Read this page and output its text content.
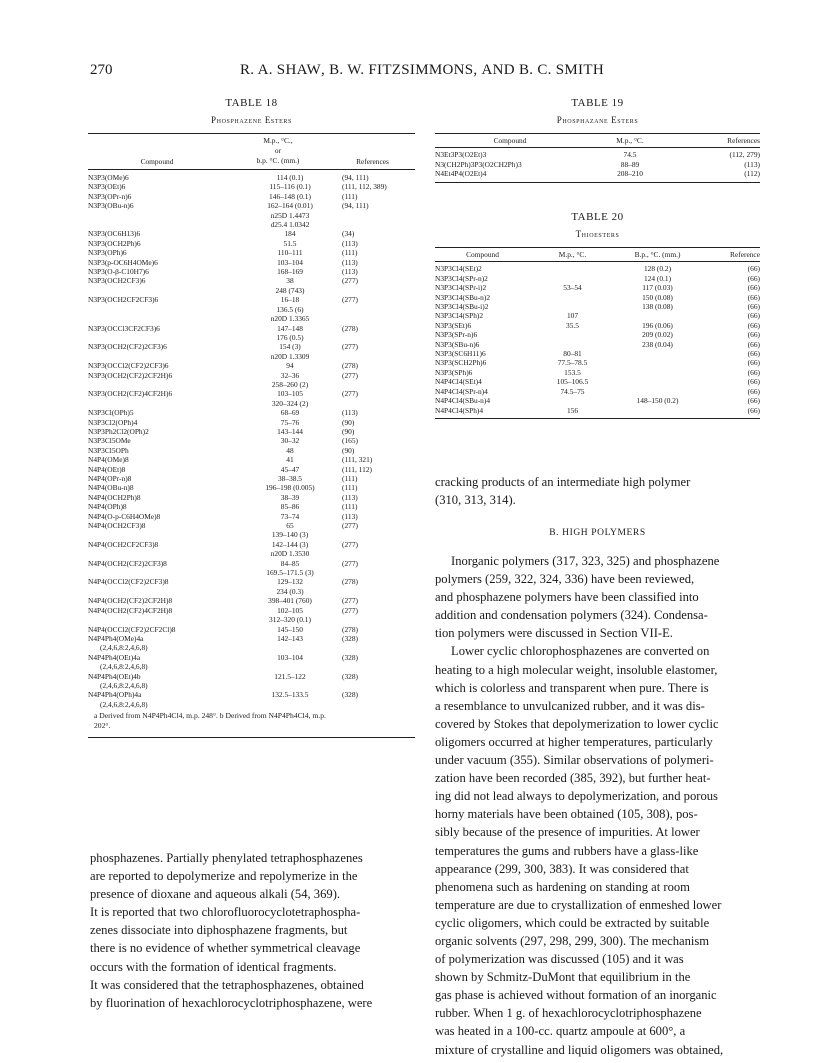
270	R. A. SHAW, B. W. FITZSIMMONS, AND B. C. SMITH
TABLE 18
Phosphazene Esters
Compound	
M.p., °C.,
or
b.p. °C. (mm.)	References
N3P3(OMe)6	114 (0.1)	(94, 111)
N3P3(OEt)6	115–116 (0.1)	(111, 112, 389)
N3P3(OPr-n)6	146–148 (0.1)	(111)
N3P3(OBu-n)6	162–164 (0.01)	(94, 111)
	n25D 1.4473	
	d25.4 1.0342	
N3P3(OC6H13)6	184	(34)
N3P3(OCH2Ph)6	51.5	(113)
N3P3(OPh)6	110–111	(111)
N3P3(p-OC6H4OMe)6	103–104	(113)
N3P3(O-β-C10H7)6	168–169	(113)
N3P3(OCH2CF3)6	38	(277)
	248 (743)	
N3P3(OCH2CF2CF3)6	16–18	(277)
	136.5 (6)	
	n20D 1.3365	
N3P3(OCCl3CF2CF3)6	147–148	(278)
	176 (0.5)	
N3P3(OCH2(CF2)2CF3)6	154 (3)	(277)
	n20D 1.3309	
N3P3(OCCl2(CF2)2CF3)6	94	(278)
N3P3(OCH2(CF2)2CF2H)6	32–36	(277)
	258–260 (2)	
N3P3(OCH2(CF2)4CF2H)6	103–105	(277)
	320–324 (2)	
N3P3Cl(OPh)5	68–69	(113)
N3P3Cl2(OPh)4	75–76	(90)
N3P3Ph2Cl2(OPh)2	143–144	(90)
N3P3Cl5OMe	30–32	(165)
N3P3Cl5OPh	48	(90)
N4P4(OMe)8	41	(111, 321)
N4P4(OEt)8	45–47	(111, 112)
N4P4(OPr-n)8	38–38.5	(111)
N4P4(OBu-n)8	196–198 (0.005)	(111)
N4P4(OCH2Ph)8	38–39	(113)
N4P4(OPh)8	85–86	(111)
N4P4(O-p-C6H4OMe)8	73–74	(113)
N4P4(OCH2CF3)8	65	(277)
	139–140 (3)	
N4P4(OCH2CF2CF3)8	142–144 (3)	(277)
	n20D 1.3530	
N4P4(OCH2(CF2)2CF3)8	84–85	(277)
	169.5–171.5 (3)	
N4P4(OCCl2(CF2)2CF3)8	129–132	(278)
	234 (0.3)	
N4P4(OCH2(CF2)2CF2H)8	398–401 (760)	(277)
N4P4(OCH2(CF2)4CF2H)8	102–105	(277)
	312–320 (0.1)	
N4P4(OCCl2(CF2)2CF2Cl)8	145–150	(278)
N4P4Ph4(OMe)4a	142–143	(328)
(2,4,6,8:2,4,6,8)		
N4P4Ph4(OEt)4a	103–104	(328)
(2,4,6,8:2,4,6,8)		
N4P4Ph4(OEt)4b	121.5–122	(328)
(2,4,6,8:2,4,6,8)		
N4P4Ph4(OPh)4a	132.5–133.5	(328)
(2,4,6,8:2,4,6,8)		
a Derived from N4P4Ph4Cl4, m.p. 248°. b Derived from N4P4Ph4Cl4, m.p.
202°.
TABLE 19
Phosphazane Esters
Compound	M.p., °C.	References
N3Et3P3(O2Et)3	74.5	(112, 279)
N3(CH2Ph)3P3(O2CH2Ph)3	88–89	(113)
N4Et4P4(O2Et)4	208–210	(112)
TABLE 20
Thioesters
Compound	M.p., °C.	B.p., °C. (mm.)	Reference
N3P3Cl4(SEt)2		128 (0.2)	(66)
N3P3Cl4(SPr-n)2		124 (0.1)	(66)
N3P3Cl4(SPr-i)2	53–54	117 (0.03)	(66)
N3P3Cl4(SBu-n)2		150 (0.08)	(66)
N3P3Cl4(SBu-i)2		138 (0.08)	(66)
N3P3Cl4(SPh)2	107		(66)
N3P3(SEt)6	35.5	196 (0.06)	(66)
N3P3(SPr-n)6		209 (0.02)	(66)
N3P3(SBu-n)6		238 (0.04)	(66)
N3P3(SC6H11)6	80–81		(66)
N3P3(SCH2Ph)6	77.5–78.5		(66)
N3P3(SPh)6	153.5		(66)
N4P4Cl4(SEt)4	105–106.5		(66)
N4P4Cl4(SPr-n)4	74.5–75		(66)
N4P4Cl4(SBu-n)4		148–150 (0.2)	(66)
N4P4Cl4(SPh)4	156		(66)
phosphazenes. Partially phenylated tetraphosphazenes
are reported to depolymerize and repolymerize in the
presence of dioxane and aqueous alkali (54, 369).
It is reported that two chlorofluorocyclotetraphospha-
zenes dissociate into diphosphazene fragments, but
there is no evidence of whether symmetrical cleavage
occurs with the formation of identical fragments.
It was considered that the tetraphosphazenes, obtained
by fluorination of hexachlorocyclotriphosphazene, were
cracking products of an intermediate high polymer
(310, 313, 314).
B. HIGH POLYMERS
Inorganic polymers (317, 323, 325) and phosphazene
polymers (259, 322, 324, 336) have been reviewed,
and phosphazene polymers have been classified into
addition and condensation polymers (324). Condensa-
tion polymers were discussed in Section VII-E.
Lower cyclic chlorophosphazenes are converted on
heating to a high molecular weight, insoluble elastomer,
which is colorless and transparent when pure. There is
a resemblance to unvulcanized rubber, and it was dis-
covered by Stokes that depolymerization to lower cyclic
oligomers occurred at higher temperatures, particularly
under vacuum (355). Similar observations of polymeri-
zation have been recorded (385, 392), but further heat-
ing did not lead always to depolymerization, and porous
horny materials have been obtained (105, 308), pos-
sibly because of the presence of impurities. At lower
temperatures the gums and rubbers have a glass-like
appearance (299, 300, 383). It was considered that
phenomena such as hardening on standing at room
temperature are due to crystallization of enmeshed lower
cyclic oligomers, which could be extracted by suitable
organic solvents (297, 298, 299, 300). The mechanism
of polymerization was discussed (105) and it was
shown by Schmitz-DuMont that equilibrium in the
gas phase is achieved without formation of an inorganic
rubber. When 1 g. of hexachlorocyclotriphosphazene
was heated in a 100-cc. quartz ampoule at 600°, a
mixture of crystalline and liquid oligomers was obtained,
